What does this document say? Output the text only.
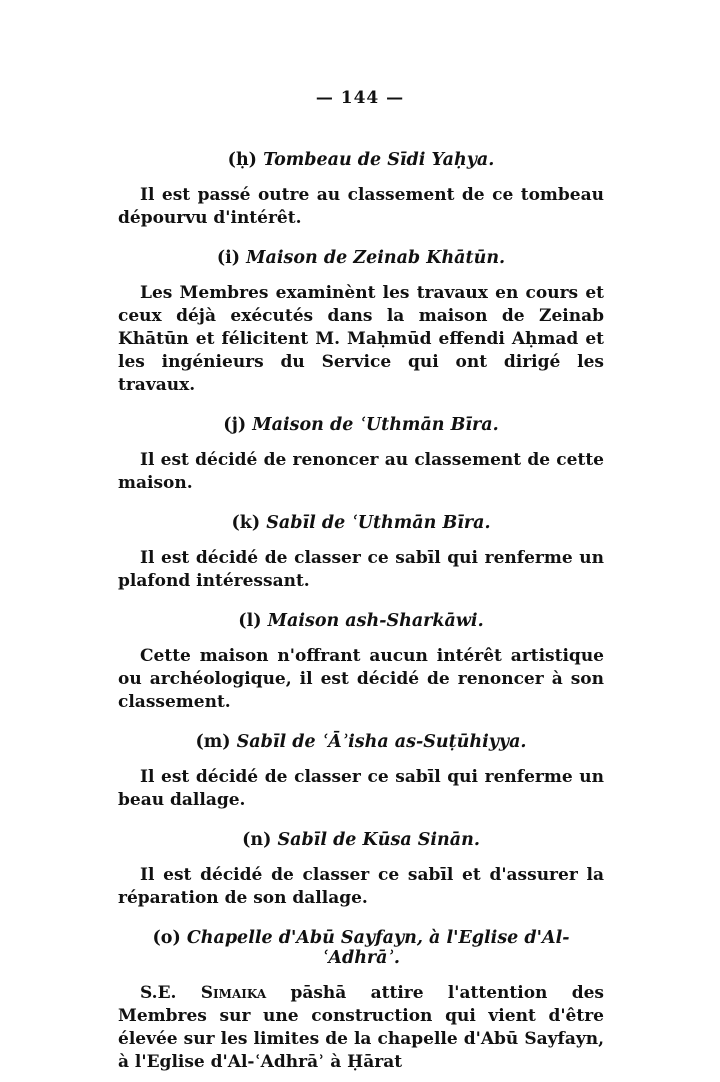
— 144 —
(ḥ) Tombeau de Sīdi Yaḥya.

Il est passé outre au classement de ce tombeau dépourvu d'intérêt.

(i) Maison de Zeinab Khātūn.

Les Membres examinènt les travaux en cours et ceux déjà exécutés dans la maison de Zeinab Khātūn et félicitent M. Maḥmūd effendi Aḥmad et les ingénieurs du Service qui ont dirigé les travaux.

(j) Maison de ʿUthmān Bīra.

Il est décidé de renoncer au classement de cette maison.

(k) Sabīl de ʿUthmān Bīra.

Il est décidé de classer ce sabīl qui renferme un plafond intéressant.

(l) Maison ash-Sharkāwi.

Cette maison n'offrant aucun intérêt artistique ou archéologique, il est décidé de renoncer à son classement.

(m) Sabīl de ʿĀʾisha as-Suṭūhiyya.

Il est décidé de classer ce sabīl qui renferme un beau dallage.

(n) Sabīl de Kūsa Sinān.

Il est décidé de classer ce sabīl et d'assurer la réparation de son dallage.

(o) Chapelle d'Abū Sayfayn, à l'Eglise d'Al-ʿAdhrāʾ.

S.E. Simaika pāshā attire l'attention des Membres sur une construction qui vient d'être élevée sur les limites de la chapelle d'Abū Sayfayn, à l'Eglise d'Al-ʿAdhrāʾ à Ḥārat
